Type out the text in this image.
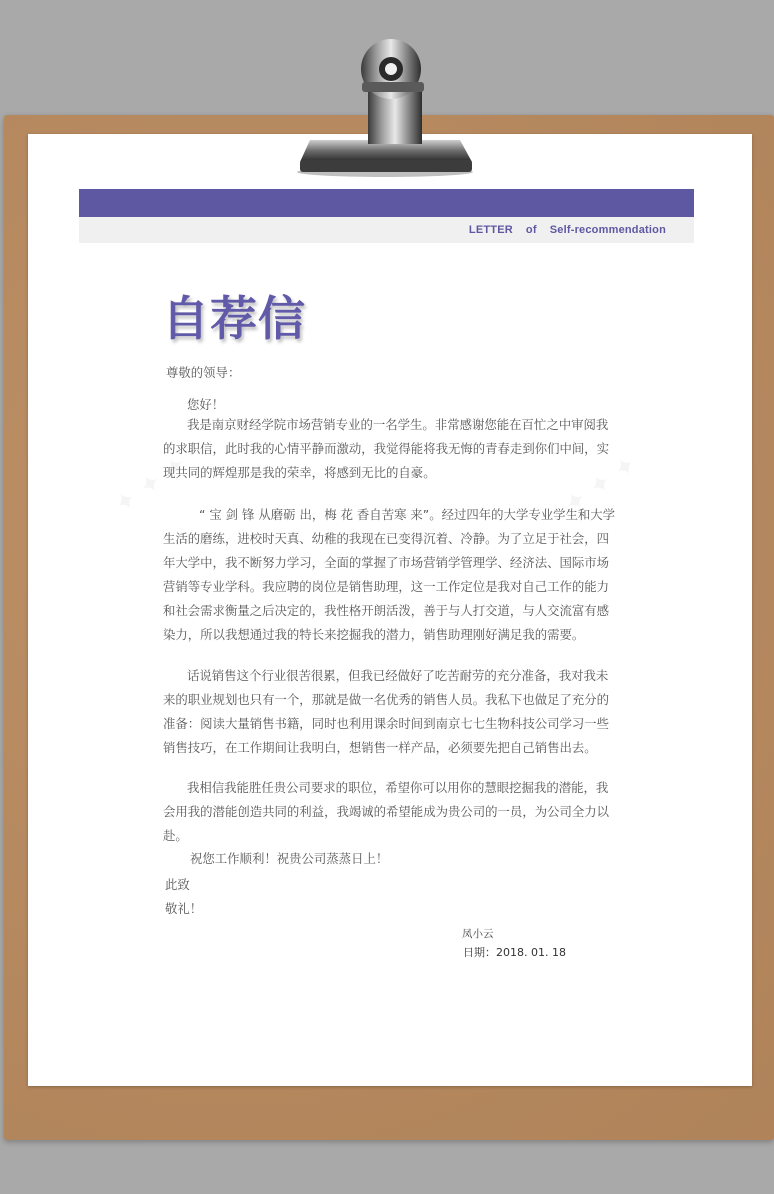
LETTER    of    Self-recommendation
自荐信
尊敬的领导：
您好！
我是南京财经学院市场营销专业的一名学生。非常感谢您能在百忙之中审阅我
的求职信，此时我的心情平静而激动，我觉得能将我无悔的青春走到你们中间，实
现共同的辉煌那是我的荣幸，将感到无比的自豪。
“ 宝 剑 锋 从磨砺 出，梅 花 香自苦寒 来”。经过四年的大学专业学生和大学
生活的磨练，进校时天真、幼稚的我现在已变得沉着、冷静。为了立足于社会，四
年大学中，我不断努力学习，全面的掌握了市场营销学管理学、经济法、国际市场
营销等专业学科。我应聘的岗位是销售助理，这一工作定位是我对自己工作的能力
和社会需求衡量之后决定的，我性格开朗活泼，善于与人打交道，与人交流富有感
染力，所以我想通过我的特长来挖掘我的潜力，销售助理刚好满足我的需要。
话说销售这个行业很苦很累，但我已经做好了吃苦耐劳的充分准备，我对我未
来的职业规划也只有一个，那就是做一名优秀的销售人员。我私下也做足了充分的
准备：阅读大量销售书籍，同时也利用课余时间到南京七七生物科技公司学习一些
销售技巧，在工作期间让我明白，想销售一样产品，必须要先把自己销售出去。
我相信我能胜任贵公司要求的职位，希望你可以用你的慧眼挖掘我的潜能，我
会用我的潜能创造共同的利益，我竭诚的希望能成为贵公司的一员，为公司全力以
赴。
祝您工作顺利！祝贵公司蒸蒸日上！
此致
敬礼！
凤小云
日期：2018. 01. 18
